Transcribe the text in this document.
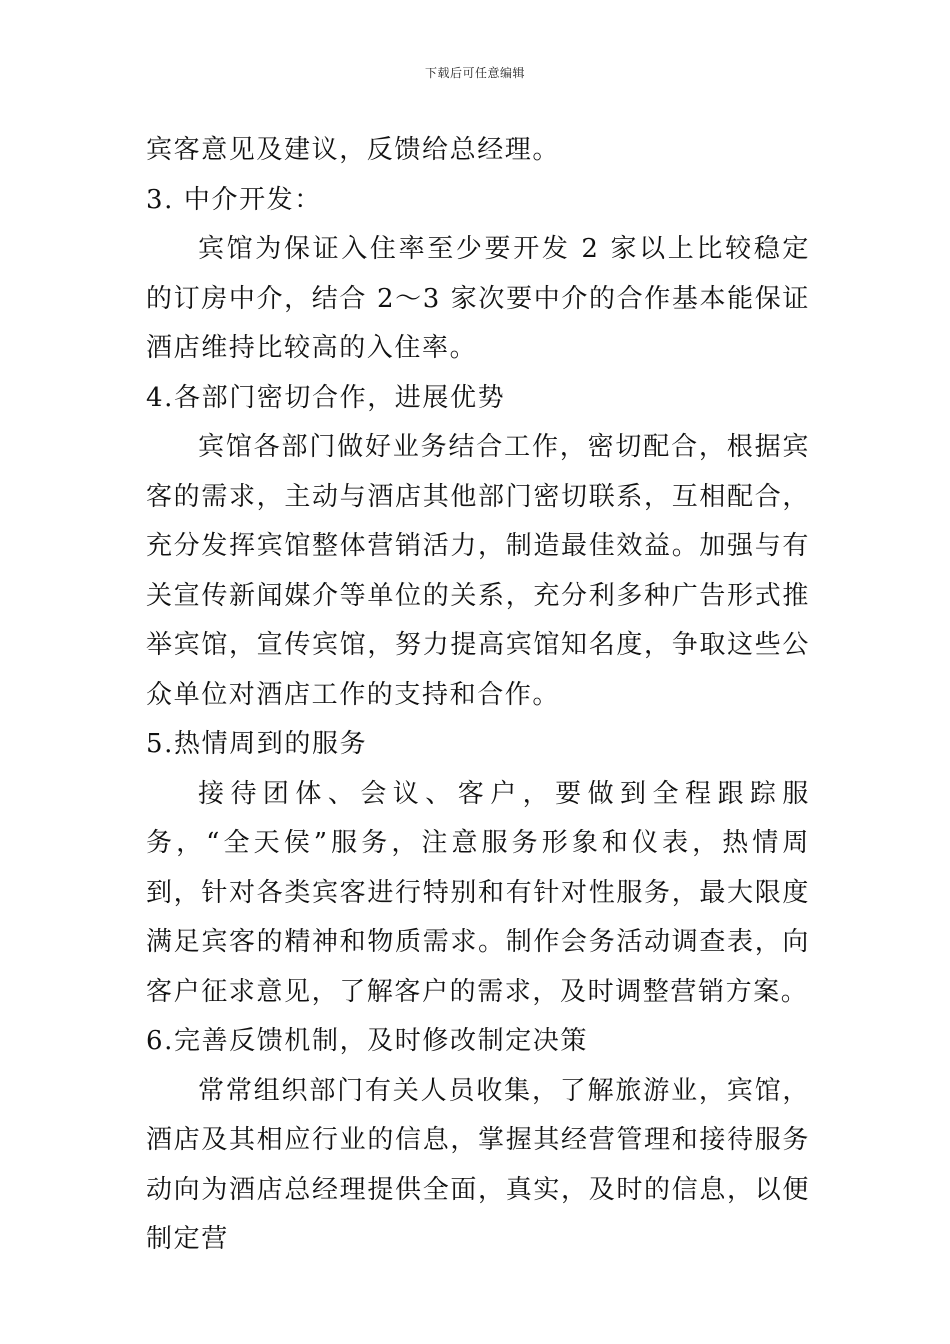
下载后可任意编辑

宾客意见及建议，反馈给总经理。

3. 中介开发：

宾馆为保证入住率至少要开发 2 家以上比较稳定的订房中介，结合 2～3 家次要中介的合作基本能保证酒店维持比较高的入住率。

4.各部门密切合作，进展优势

宾馆各部门做好业务结合工作，密切配合，根据宾客的需求，主动与酒店其他部门密切联系，互相配合，充分发挥宾馆整体营销活力，制造最佳效益。加强与有关宣传新闻媒介等单位的关系，充分利多种广告形式推举宾馆，宣传宾馆，努力提高宾馆知名度，争取这些公众单位对酒店工作的支持和合作。

5.热情周到的服务

接待团体、会议、客户，要做到全程跟踪服务，“全天侯”服务，注意服务形象和仪表，热情周到，针对各类宾客进行特别和有针对性服务，最大限度满足宾客的精神和物质需求。制作会务活动调查表，向客户征求意见，了解客户的需求，及时调整营销方案。

6.完善反馈机制，及时修改制定决策

常常组织部门有关人员收集，了解旅游业，宾馆，酒店及其相应行业的信息，掌握其经营管理和接待服务动向为酒店总经理提供全面，真实，及时的信息，以便制定营
